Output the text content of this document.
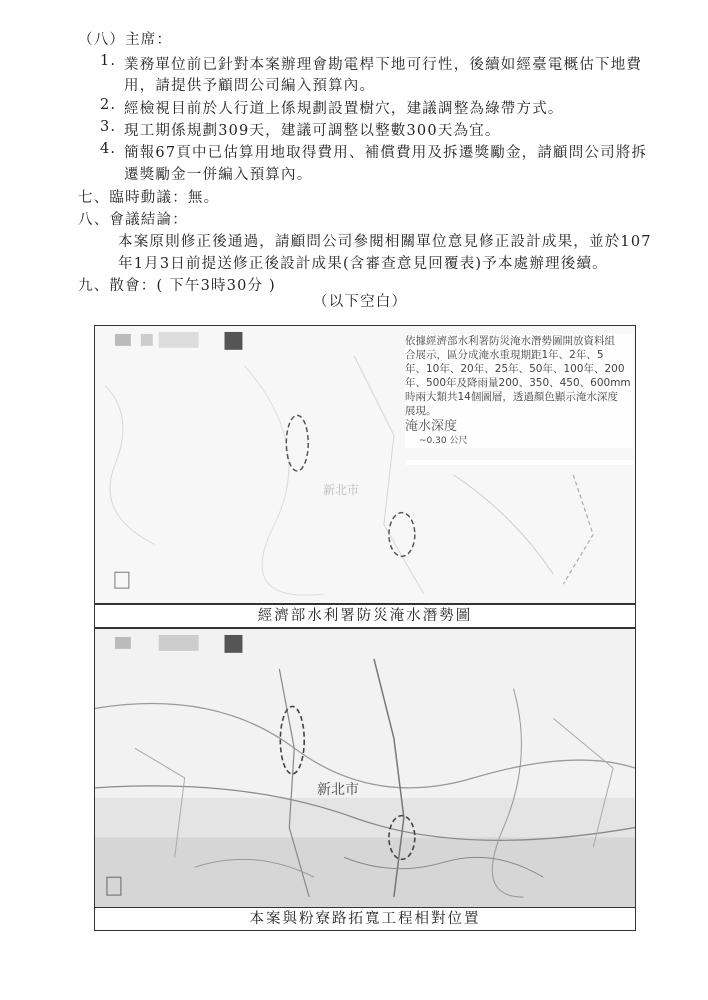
（八）主席：
1. 業務單位前已針對本案辦理會勘電桿下地可行性，後續如經臺電概估下地費
用，請提供予顧問公司編入預算內。
2. 經檢視目前於人行道上係規劃設置樹穴，建議調整為綠帶方式。
3. 現工期係規劃309天，建議可調整以整數300天為宜。
4. 簡報67頁中已估算用地取得費用、補償費用及拆遷獎勵金，請顧問公司將拆
遷獎勵金一併編入預算內。
七、臨時動議：無。
八、會議結論：
本案原則修正後通過，請顧問公司參閱相關單位意見修正設計成果，並於107
年1月3日前提送修正後設計成果(含審查意見回覆表)予本處辦理後續。
九、散會：( 下午3時30分 )
（以下空白）
依據經濟部水利署防災淹水潛勢圖開放資料組
合展示，區分成淹水重現期距1年、2年、5
年、10年、20年、25年、50年、100年、200
年、500年及降雨量200、350、450、600mm
時兩大類共14個圖層，透過顏色顯示淹水深度
展現。
淹水深度
~0.30 公尺
新北市
經濟部水利署防災淹水潛勢圖
新北市
本案與粉寮路拓寬工程相對位置
